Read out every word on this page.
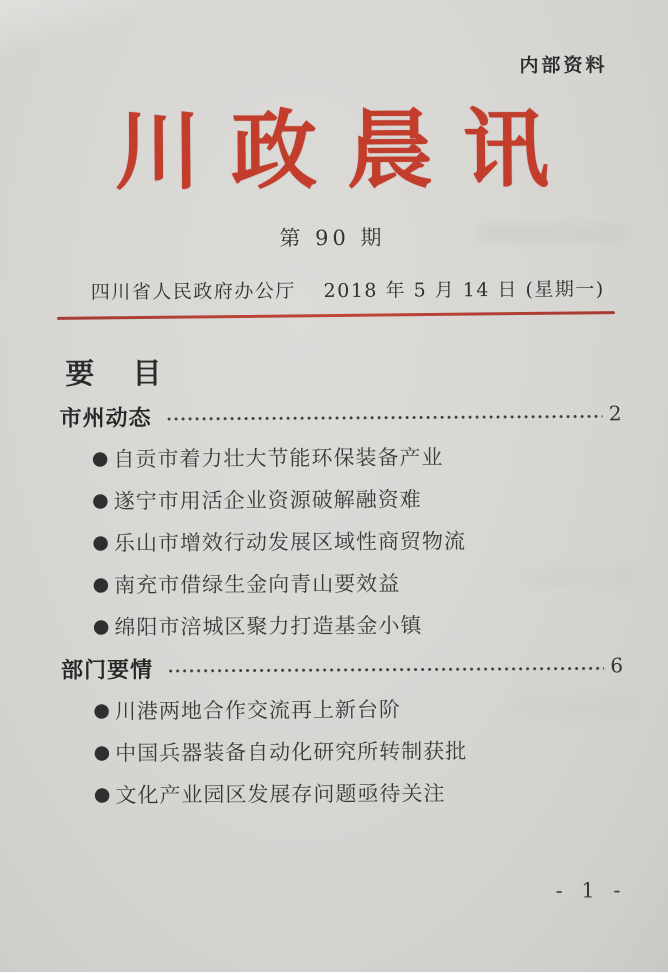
内部资料
川政晨讯
第 90 期
四川省人民政府办公厅 2018 年 5 月 14 日 (星期一)
要 目
市州动态	2
● 自贡市着力壮大节能环保装备产业
● 遂宁市用活企业资源破解融资难
● 乐山市增效行动发展区域性商贸物流
● 南充市借绿生金向青山要效益
● 绵阳市涪城区聚力打造基金小镇
部门要情	6
● 川港两地合作交流再上新台阶
● 中国兵器装备自动化研究所转制获批
● 文化产业园区发展存问题亟待关注
- 1 -
